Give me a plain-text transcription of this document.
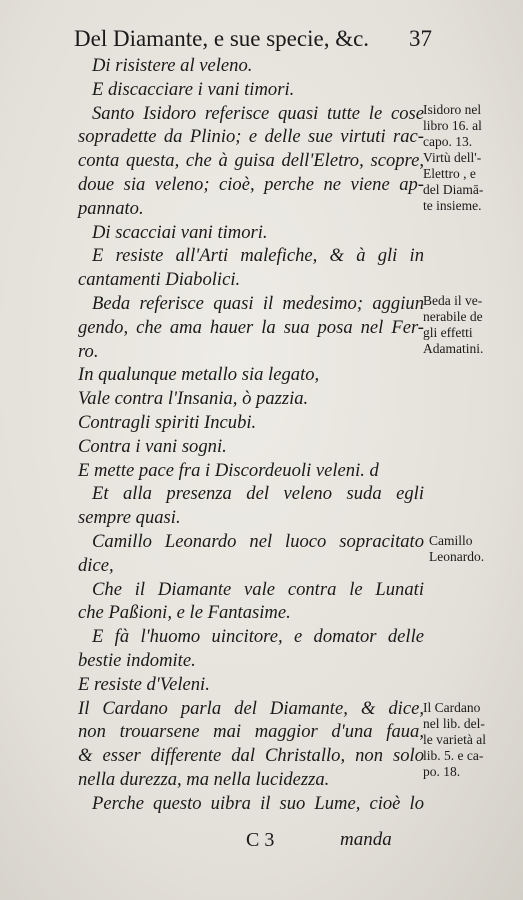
Del Diamante, e sue specie, &c. 37
Di risistere al veleno.
E discacciare i vani timori.
Santo Isidoro referisce quasi tutte le cose
sopradette da Plinio; e delle sue virtuti rac-
conta questa, che à guisa dell'Eletro, scopre,
doue sia veleno; cioè, perche ne viene ap-
pannato.
Di scacciai vani timori.
E resiste all'Arti malefiche, & à gli in
cantamenti Diabolici.
Beda referisce quasi il medesimo; aggiun
gendo, che ama hauer la sua posa nel Fer-
ro.
In qualunque metallo sia legato,
Vale contra l'Insania, ò pazzia.
Contragli spiriti Incubi.
Contra i vani sogni.
E mette pace fra i Discordeuoli veleni. d
Et alla presenza del veleno suda egli
sempre quasi.
Camillo Leonardo nel luoco sopracitato
dice,
Che il Diamante vale contra le Lunati
che Paßioni, e le Fantasime.
E fà l'huomo uincitore, e domator delle
bestie indomite.
E resiste d'Veleni.
Il Cardano parla del Diamante, & dice,
non trouarsene mai maggior d'una faua,
& esser differente dal Christallo, non solo
nella durezza, ma nella lucidezza.
Perche questo uibra il suo Lume, cioè lo
Isidoro nel
libro 16. al
capo. 13.
Virtù dell'-
Elettro , e
del Diamā-
te insieme.
Beda il ve-
nerabile de
gli effetti
Adamatini.
Camillo
Leonardo.
Il Cardano
nel lib. del-
le varietà al
lib. 5. e ca-
po. 18.
C 3	manda
